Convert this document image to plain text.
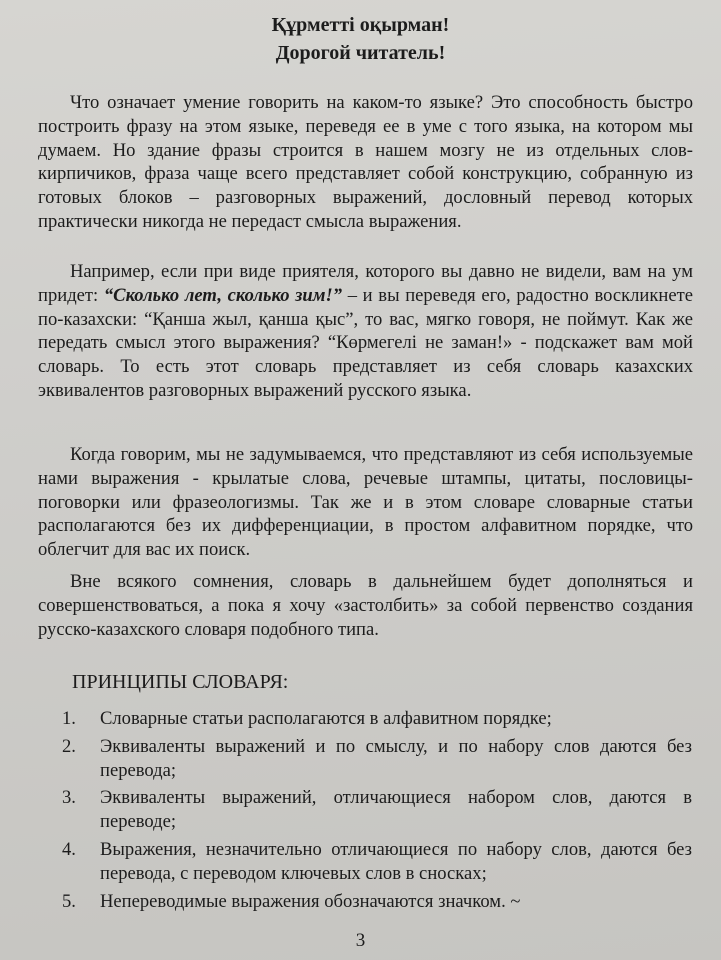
Құрметті оқырман!
Дорогой читатель!

Что означает умение говорить на каком-то языке? Это способность быстро построить фразу на этом языке, переведя ее в уме с того языка, на котором мы думаем. Но здание фразы строится в нашем мозгу не из отдельных слов-кирпичиков, фраза чаще всего представляет собой конструкцию, собранную из готовых блоков – разговорных выражений, дословный перевод которых практически никогда не передаст смысла выражения.

Например, если при виде приятеля, которого вы давно не видели, вам на ум придет: “Сколько лет, сколько зим!” – и вы переведя его, радостно воскликнете по-казахски: “Қанша жыл, қанша қыс”, то вас, мягко говоря, не поймут. Как же передать смысл этого выражения? “Көрмегелі не заман!» - подскажет вам мой словарь. То есть этот словарь представляет из себя словарь казахских эквивалентов разговорных выражений русского языка.

Когда говорим, мы не задумываемся, что представляют из себя используемые нами выражения - крылатые слова, речевые штампы, цитаты, пословицы-поговорки или фразеологизмы. Так же и в этом словаре словарные статьи располагаются без их дифференциации, в простом алфавитном порядке, что облегчит для вас их поиск.

Вне всякого сомнения, словарь в дальнейшем будет дополняться и совершенствоваться, а пока я хочу «застолбить» за собой первенство создания русско-казахского словаря подобного типа.

ПРИНЦИПЫ СЛОВАРЯ:
1. Словарные статьи располагаются в алфавитном порядке;
2. Эквиваленты выражений и по смыслу, и по набору слов даются без перевода;
3. Эквиваленты выражений, отличающиеся набором слов, даются в переводе;
4. Выражения, незначительно отличающиеся по набору слов, даются без перевода, с переводом ключевых слов в сносках;
5. Непереводимые выражения обозначаются значком. ~
3
